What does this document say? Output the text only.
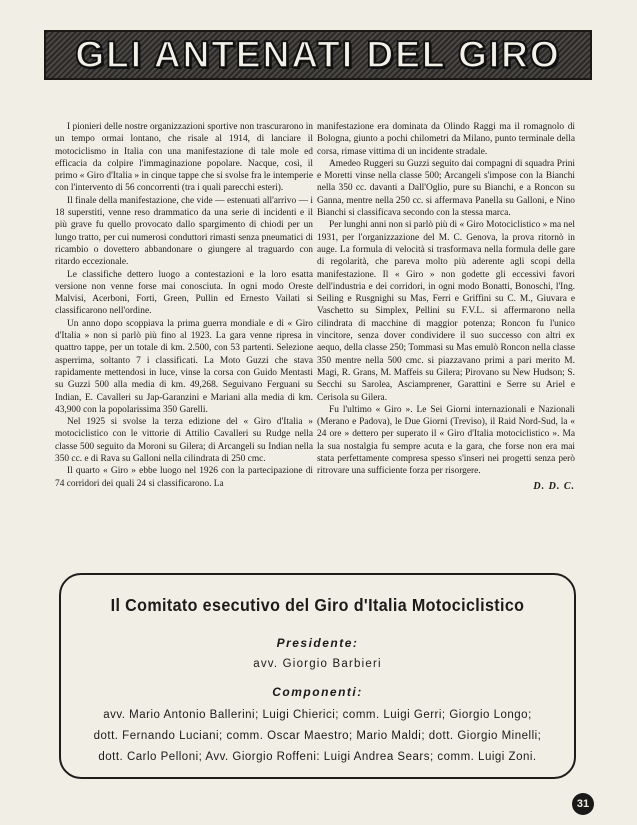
GLI ANTENATI DEL GIRO

I pionieri delle nostre organizzazioni sportive non trascurarono in un tempo ormai lontano, che risale al 1914, di lanciare il motociclismo in Italia con una manifestazione di tale mole ed efficacia da colpire l'immaginazione popolare. Nacque, così, il primo « Giro d'Italia » in cinque tappe che si svolse fra le intemperie con l'intervento di 56 concorrenti (tra i quali parecchi esteri).

Il finale della manifestazione, che vide — estenuati all'arrivo — i 18 superstiti, venne reso drammatico da una serie di incidenti e il più grave fu quello provocato dallo spargimento di chiodi per un lungo tratto, per cui numerosi conduttori rimasti senza pneumatici di ricambio o dovettero abbandonare o giungere al traguardo con ritardo eccezionale.

Le classifiche dettero luogo a contestazioni e la loro esatta versione non venne forse mai conosciuta. In ogni modo Oreste Malvisi, Acerboni, Forti, Green, Pullin ed Ernesto Vailati si classificarono nell'ordine.

Un anno dopo scoppiava la prima guerra mondiale e di « Giro d'Italia » non si parlò più fino al 1923. La gara venne ripresa in quattro tappe, per un totale di km. 2.500, con 53 partenti. Selezione asperrima, soltanto 7 i classificati. La Moto Guzzi che stava rapidamente mettendosi in luce, vinse la corsa con Guido Mentasti su Guzzi 500 alla media di km. 49,268. Seguivano Ferguani su Indian, E. Cavalleri su Jap-Garanzini e Mariani alla media di km. 43,900 con la popolarissima 350 Garelli.

Nel 1925 si svolse la terza edizione del « Giro d'Italia » motociclistico con le vittorie di Attilio Cavalleri su Rudge nella classe 500 seguito da Moroni su Gilera; di Arcangeli su Indian nella 350 cc. e di Rava su Galloni nella cilindrata di 250 cmc.

Il quarto « Giro » ebbe luogo nel 1926 con la partecipazione di 74 corridori dei quali 24 si classificarono. La

manifestazione era dominata da Olindo Raggi ma il romagnolo di Bologna, giunto a pochi chilometri da Milano, punto terminale della corsa, rimase vittima di un incidente stradale.

Amedeo Ruggeri su Guzzi seguito dai compagni di squadra Prini e Moretti vinse nella classe 500; Arcangeli s'impose con la Bianchi nella 350 cc. davanti a Dall'Oglio, pure su Bianchi, e a Roncon su Ganna, mentre nella 250 cc. si affermava Panella su Galloni, e Nino Bianchi si classificava secondo con la stessa marca.

Per lunghi anni non si parlò più di « Giro Motociclistico » ma nel 1931, per l'organizzazione del M. C. Genova, la prova ritornò in auge. La formula di velocità si trasformava nella formula delle gare di regolarità, che pareva molto più aderente agli scopi della manifestazione. Il « Giro » non godette gli eccessivi favori dell'industria e dei corridori, in ogni modo Bonatti, Bonoschi, l'Ing. Seiling e Rusgnighi su Mas, Ferri e Griffini su C. M., Giuvara e Vaschetto su Simplex, Pellini su F.V.L. si affermarono nella cilindrata di macchine di maggior potenza; Roncon fu l'unico vincitore, senza dover condividere il suo successo con altri ex aequo, della classe 250; Tommasi su Mas emulò Roncon nella classe 350 mentre nella 500 cmc. si piazzavano primi a pari merito M. Magi, R. Grans, M. Maffeis su Gilera; Pirovano su New Hudson; S. Secchi su Sarolea, Asciamprener, Garattini e Serre su Ariel e Cerisola su Gilera.

Fu l'ultimo « Giro ». Le Sei Giorni internazionali e Nazionali (Merano e Padova), le Due Giorni (Treviso), il Raid Nord-Sud, la « 24 ore » dettero per superato il « Giro d'Italia motociclistico ». Ma la sua nostalgia fu sempre acuta e la gara, che forse non era mai stata perfettamente compresa spesso s'inseri nei progetti senza però ritrovare una sufficiente forza per risorgere.

D. D. C.
Il Comitato esecutivo del Giro d'Italia Motociclistico
Presidente:
avv. Giorgio Barbieri
Componenti:
avv. Mario Antonio Ballerini; Luigi Chierici; comm. Luigi Gerri; Giorgio Longo;
dott. Fernando Luciani; comm. Oscar Maestro; Mario Maldi; dott. Giorgio Minelli;
dott. Carlo Pelloni; Avv. Giorgio Roffeni: Luigi Andrea Sears; comm. Luigi Zoni.
31
